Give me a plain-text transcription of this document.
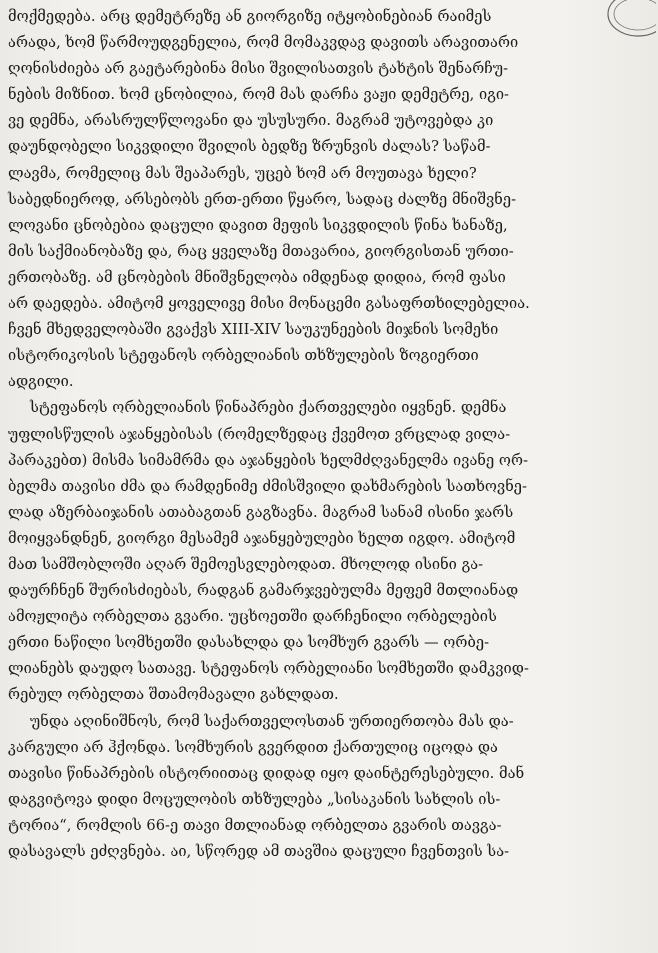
მოქმედება. არც დემეტრეზე ან გიორგიზე იტყობინებიან რაიმეს
არადა, ხომ წარმოუდგენელია, რომ მომაკვდავ დავითს არავითარი
ღონისძიება არ გაეტარებინა მისი შვილისათვის ტახტის შენარჩუ-
ნების მიზნით. ხომ ცნობილია, რომ მას დარჩა ვაჟი დემეტრე, იგი-
ვე დემნა, არასრულწლოვანი და უსუსური. მაგრამ უტოვებდა კი
დაუნდობელი სიკვდილი შვილის ბედზე ზრუნვის ძალას? საწამ-
ლავმა, რომელიც მას შეაპარეს, უცებ ხომ არ მოუთავა ხელი?
საბედნიეროდ, არსებობს ერთ-ერთი წყარო, სადაც ძალზე მნიშვნე-
ლოვანი ცნობებია დაცული დავით მეფის სიკვდილის წინა ხანაზე,
მის საქმიანობაზე და, რაც ყველაზე მთავარია, გიორგისთან ურთი-
ერთობაზე. ამ ცნობების მნიშვნელობა იმდენად დიდია, რომ ფასი
არ დაედება. ამიტომ ყოველივე მისი მონაცემი გასაფრთხილებელია.
ჩვენ მხედველობაში გვაქვს XIII-XIV საუკუნეების მიჯნის სომეხი
ისტორიკოსის სტეფანოს ორბელიანის თხზულების ზოგიერთი
ადგილი.

სტეფანოს ორბელიანის წინაპრები ქართველები იყვნენ. დემნა
უფლისწულის აჯანყებისას (რომელზედაც ქვემოთ ვრცლად ვილა-
პარაკებთ) მისმა სიმამრმა და აჯანყების ხელმძღვანელმა ივანე ორ-
ბელმა თავისი ძმა და რამდენიმე ძმისშვილი დახმარების სათხოვნე-
ლად აზერბაიჯანის ათაბაგთან გაგზავნა. მაგრამ სანამ ისინი ჯარს
მოიყვანდნენ, გიორგი მესამემ აჯანყებულები ხელთ იგდო. ამიტომ
მათ სამშობლოში აღარ შემოესვლებოდათ. მხოლოდ ისინი გა-
დაურჩნენ შურისძიებას, რადგან გამარჯვებულმა მეფემ მთლიანად
ამოჟლიტა ორბელთა გვარი. უცხოეთში დარჩენილი ორბელების
ერთი ნაწილი სომხეთში დასახლდა და სომხურ გვარს — ორბე-
ლიანებს დაუდო სათავე. სტეფანოს ორბელიანი სომხეთში დამკვიდ-
რებულ ორბელთა შთამომავალი გახლდათ.

უნდა აღინიშნოს, რომ საქართველოსთან ურთიერთობა მას და-
კარგული არ ჰქონდა. სომხურის გვერდით ქართულიც იცოდა და
თავისი წინაპრების ისტორიითაც დიდად იყო დაინტერესებული. მან
დაგვიტოვა დიდი მოცულობის თხზულება „სისაკანის სახლის ის-
ტორია“, რომლის 66-ე თავი მთლიანად ორბელთა გვარის თავგა-
დასავალს ეძღვნება. აი, სწორედ ამ თავშია დაცული ჩვენთვის სა-
